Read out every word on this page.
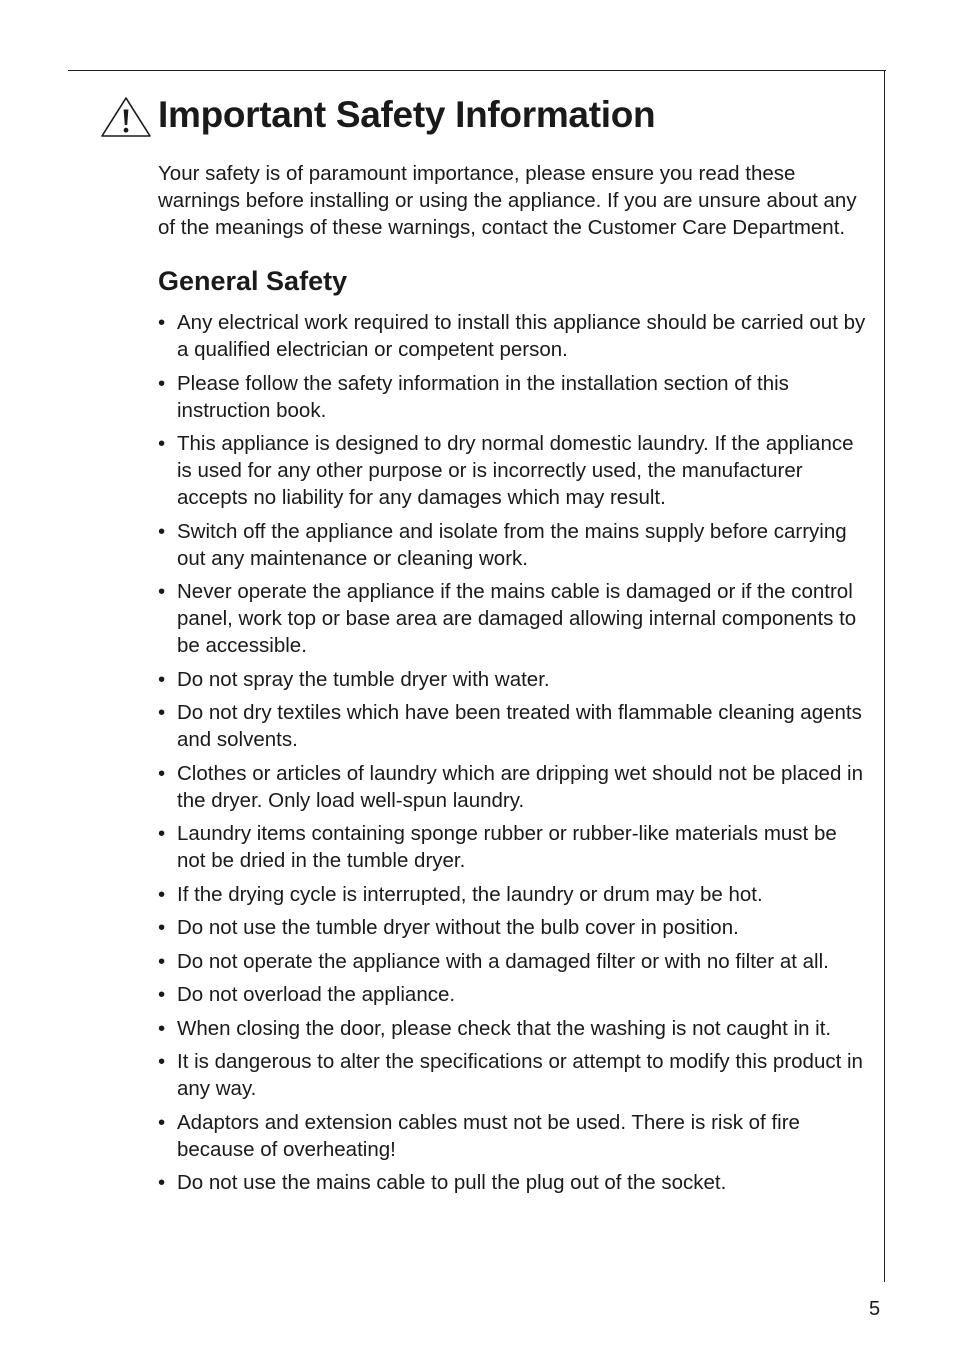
Important Safety Information

Your safety is of paramount importance, please ensure you read these warnings before installing or using the appliance. If you are unsure about any of the meanings of these warnings, contact the Customer Care Department.

General Safety
• Any electrical work required to install this appliance should be carried out by a qualified electrician or competent person.
• Please follow the safety information in the installation section of this instruction book.
• This appliance is designed to dry normal domestic laundry. If the appliance is used for any other purpose or is incorrectly used, the manufacturer accepts no liability for any damages which may result.
• Switch off the appliance and isolate from the mains supply before carrying out any maintenance or cleaning work.
• Never operate the appliance if the mains cable is damaged or if the control panel, work top or base area are damaged allowing internal components to be accessible.
• Do not spray the tumble dryer with water.
• Do not dry textiles which have been treated with flammable cleaning agents and solvents.
• Clothes or articles of laundry which are dripping wet should not be placed in the dryer. Only load well-spun laundry.
• Laundry items containing sponge rubber or rubber-like materials must be not be dried in the tumble dryer.
• If the drying cycle is interrupted, the laundry or drum may be hot.
• Do not use the tumble dryer without the bulb cover in position.
• Do not operate the appliance with a damaged filter or with no filter at all.
• Do not overload the appliance.
• When closing the door, please check that the washing is not caught in it.
• It is dangerous to alter the specifications or attempt to modify this product in any way.
• Adaptors and extension cables must not be used. There is risk of fire because of overheating!
• Do not use the mains cable to pull the plug out of the socket.
5
